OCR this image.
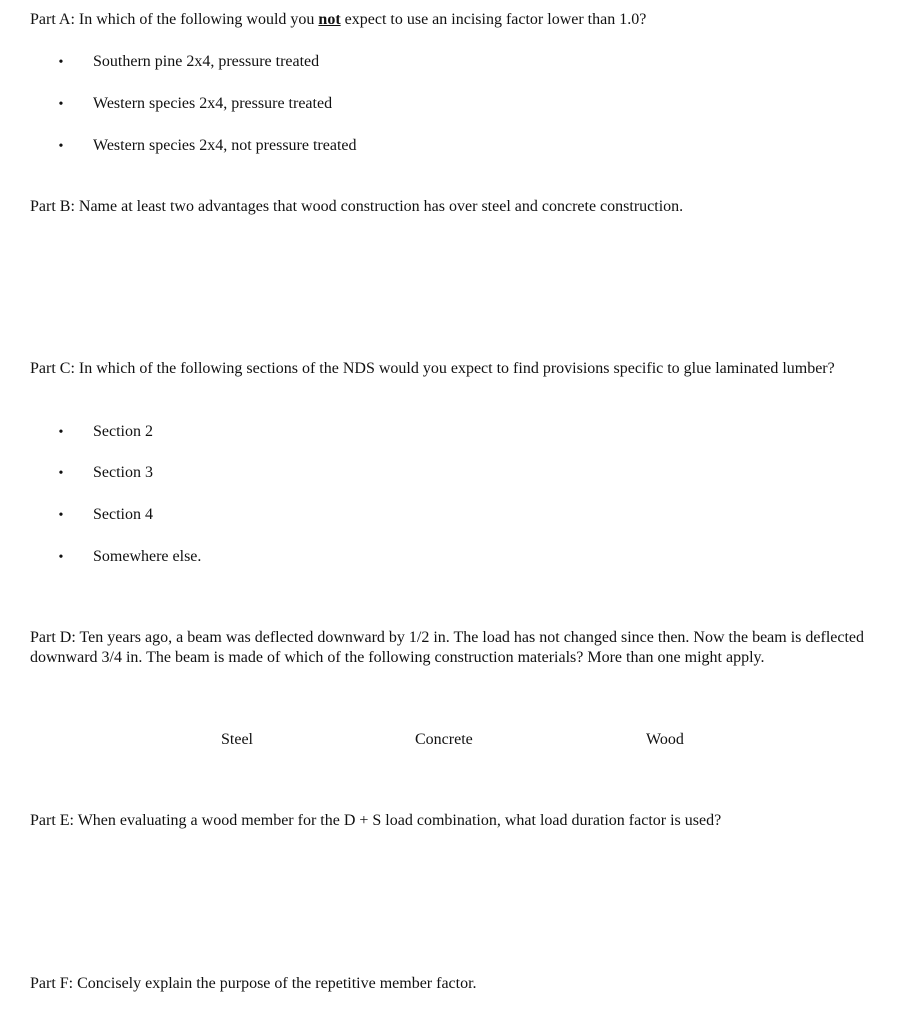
Part A: In which of the following would you not expect to use an incising factor lower than 1.0?

• Southern pine 2x4, pressure treated
• Western species 2x4, pressure treated
• Western species 2x4, not pressure treated

Part B: Name at least two advantages that wood construction has over steel and concrete construction.

Part C: In which of the following sections of the NDS would you expect to find provisions specific to glue laminated lumber?

• Section 2
• Section 3
• Section 4
• Somewhere else.

Part D: Ten years ago, a beam was deflected downward by 1/2 in. The load has not changed since then. Now the beam is deflected downward 3/4 in. The beam is made of which of the following construction materials? More than one might apply.

Steel	Concrete	Wood

Part E: When evaluating a wood member for the D + S load combination, what load duration factor is used?

Part F: Concisely explain the purpose of the repetitive member factor.
